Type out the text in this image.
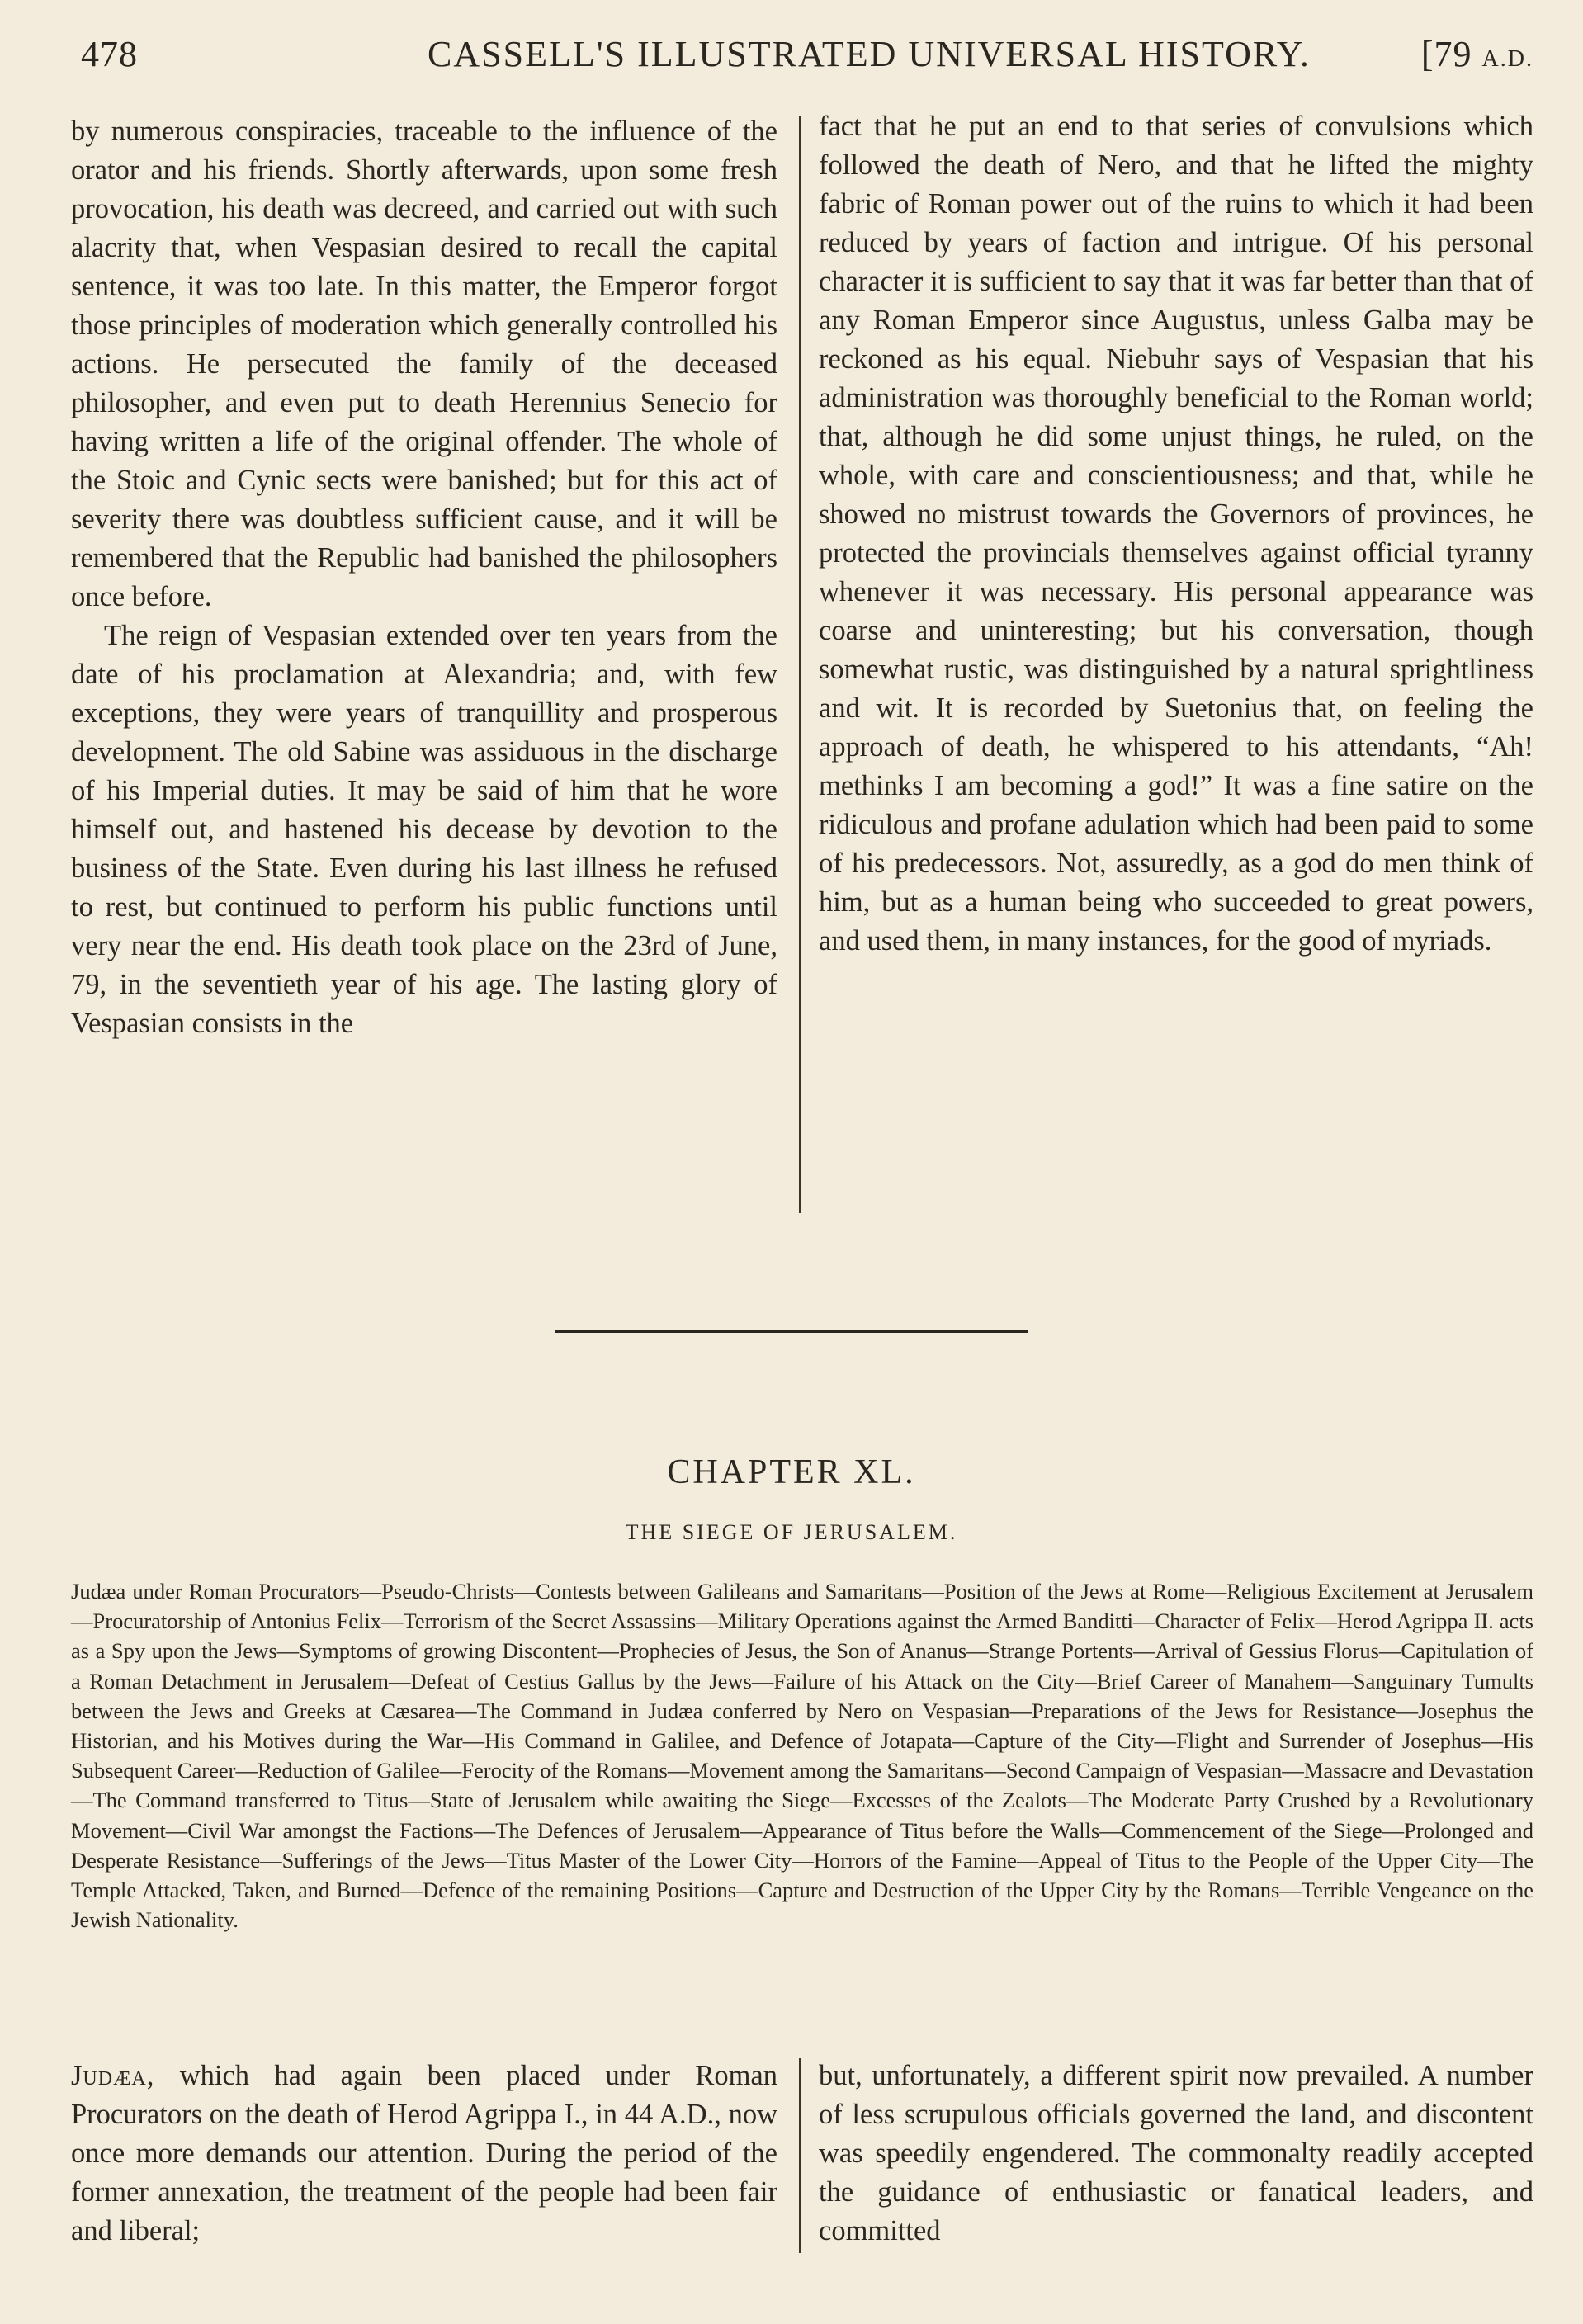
478	CASSELL'S ILLUSTRATED UNIVERSAL HISTORY.	[79 A.D.

by numerous conspiracies, traceable to the influence of the orator and his friends. Shortly afterwards, upon some fresh provocation, his death was decreed, and carried out with such alacrity that, when Vespasian desired to recall the capital sentence, it was too late. In this matter, the Emperor forgot those principles of moderation which generally controlled his actions. He persecuted the family of the deceased philosopher, and even put to death Herennius Senecio for having written a life of the original offender. The whole of the Stoic and Cynic sects were banished; but for this act of severity there was doubtless sufficient cause, and it will be remembered that the Republic had banished the philosophers once before.

The reign of Vespasian extended over ten years from the date of his proclamation at Alexandria; and, with few exceptions, they were years of tranquillity and prosperous development. The old Sabine was assiduous in the discharge of his Imperial duties. It may be said of him that he wore himself out, and hastened his decease by devotion to the business of the State. Even during his last illness he refused to rest, but continued to perform his public functions until very near the end. His death took place on the 23rd of June, 79, in the seventieth year of his age. The lasting glory of Vespasian consists in the

fact that he put an end to that series of convulsions which followed the death of Nero, and that he lifted the mighty fabric of Roman power out of the ruins to which it had been reduced by years of faction and intrigue. Of his personal character it is sufficient to say that it was far better than that of any Roman Emperor since Augustus, unless Galba may be reckoned as his equal. Niebuhr says of Vespasian that his administration was thoroughly beneficial to the Roman world; that, although he did some unjust things, he ruled, on the whole, with care and conscientiousness; and that, while he showed no mistrust towards the Governors of provinces, he protected the provincials themselves against official tyranny whenever it was necessary. His personal appearance was coarse and uninteresting; but his conversation, though somewhat rustic, was distinguished by a natural sprightliness and wit. It is recorded by Suetonius that, on feeling the approach of death, he whispered to his attendants, “Ah! methinks I am becoming a god!” It was a fine satire on the ridiculous and profane adulation which had been paid to some of his predecessors. Not, assuredly, as a god do men think of him, but as a human being who succeeded to great powers, and used them, in many instances, for the good of myriads.

CHAPTER XL.
THE SIEGE OF JERUSALEM.
Judæa under Roman Procurators—Pseudo-Christs—Contests between Galileans and Samaritans—Position of the Jews at Rome—Religious Excitement at Jerusalem—Procuratorship of Antonius Felix—Terrorism of the Secret Assassins—Military Operations against the Armed Banditti—Character of Felix—Herod Agrippa II. acts as a Spy upon the Jews—Symptoms of growing Discontent—Prophecies of Jesus, the Son of Ananus—Strange Portents—Arrival of Gessius Florus—Capitulation of a Roman Detachment in Jerusalem—Defeat of Cestius Gallus by the Jews—Failure of his Attack on the City—Brief Career of Manahem—Sanguinary Tumults between the Jews and Greeks at Cæsarea—The Command in Judæa conferred by Nero on Vespasian—Preparations of the Jews for Resistance—Josephus the Historian, and his Motives during the War—His Command in Galilee, and Defence of Jotapata—Capture of the City—Flight and Surrender of Josephus—His Subsequent Career—Reduction of Galilee—Ferocity of the Romans—Movement among the Samaritans—Second Campaign of Vespasian—Massacre and Devastation—The Command transferred to Titus—State of Jerusalem while awaiting the Siege—Excesses of the Zealots—The Moderate Party Crushed by a Revolutionary Movement—Civil War amongst the Factions—The Defences of Jerusalem—Appearance of Titus before the Walls—Commencement of the Siege—Prolonged and Desperate Resistance—Sufferings of the Jews—Titus Master of the Lower City—Horrors of the Famine—Appeal of Titus to the People of the Upper City—The Temple Attacked, Taken, and Burned—Defence of the remaining Positions—Capture and Destruction of the Upper City by the Romans—Terrible Vengeance on the Jewish Nationality.

Judæa, which had again been placed under Roman Procurators on the death of Herod Agrippa I., in 44 A.D., now once more demands our attention. During the period of the former annexation, the treatment of the people had been fair and liberal;

but, unfortunately, a different spirit now prevailed. A number of less scrupulous officials governed the land, and discontent was speedily engendered. The commonalty readily accepted the guidance of enthusiastic or fanatical leaders, and committed
